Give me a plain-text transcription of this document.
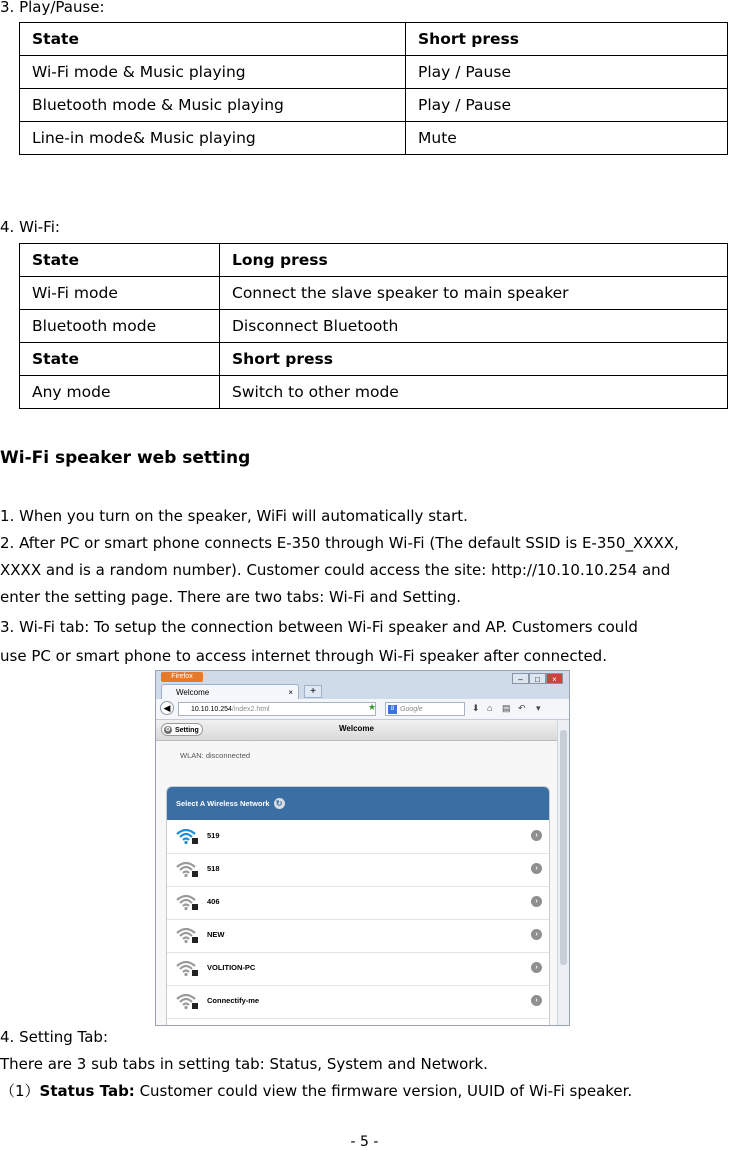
3. Play/Pause:
State	Short press
Wi-Fi mode & Music playing	Play / Pause
Bluetooth mode & Music playing	Play / Pause
Line-in mode& Music playing	Mute
4. Wi-Fi:
State	Long press
Wi-Fi mode	Connect the slave speaker to main speaker
Bluetooth mode	Disconnect Bluetooth
State	Short press
Any mode	Switch to other mode
Wi-Fi speaker web setting
1. When you turn on the speaker, WiFi will automatically start.
2. After PC or smart phone connects E-350 through Wi-Fi (The default SSID is E-350_XXXX,
XXXX and is a random number). Customer could access the site: http://10.10.10.254 and
enter the setting page. There are two tabs: Wi-Fi and Setting.
3. Wi-Fi tab: To setup the connection between Wi-Fi speaker and AP. Customers could
use PC or smart phone to access internet through Wi-Fi speaker after connected.
Firefox
Welcome	×	+
–	□	×
◀	10.10.10.254/index2.html	★	8 Google	⬇ ⌂ ▤ ↶ ▾
Welcome
⚙ Setting
WLAN: disconnected
Select A Wireless Network ↻
519	›
518	›
406	›
NEW	›
VOLITION-PC	›
Connectify-me	›
4. Setting Tab:
There are 3 sub tabs in setting tab: Status, System and Network.
（1）Status Tab: Customer could view the firmware version, UUID of Wi-Fi speaker.
- 5 -
